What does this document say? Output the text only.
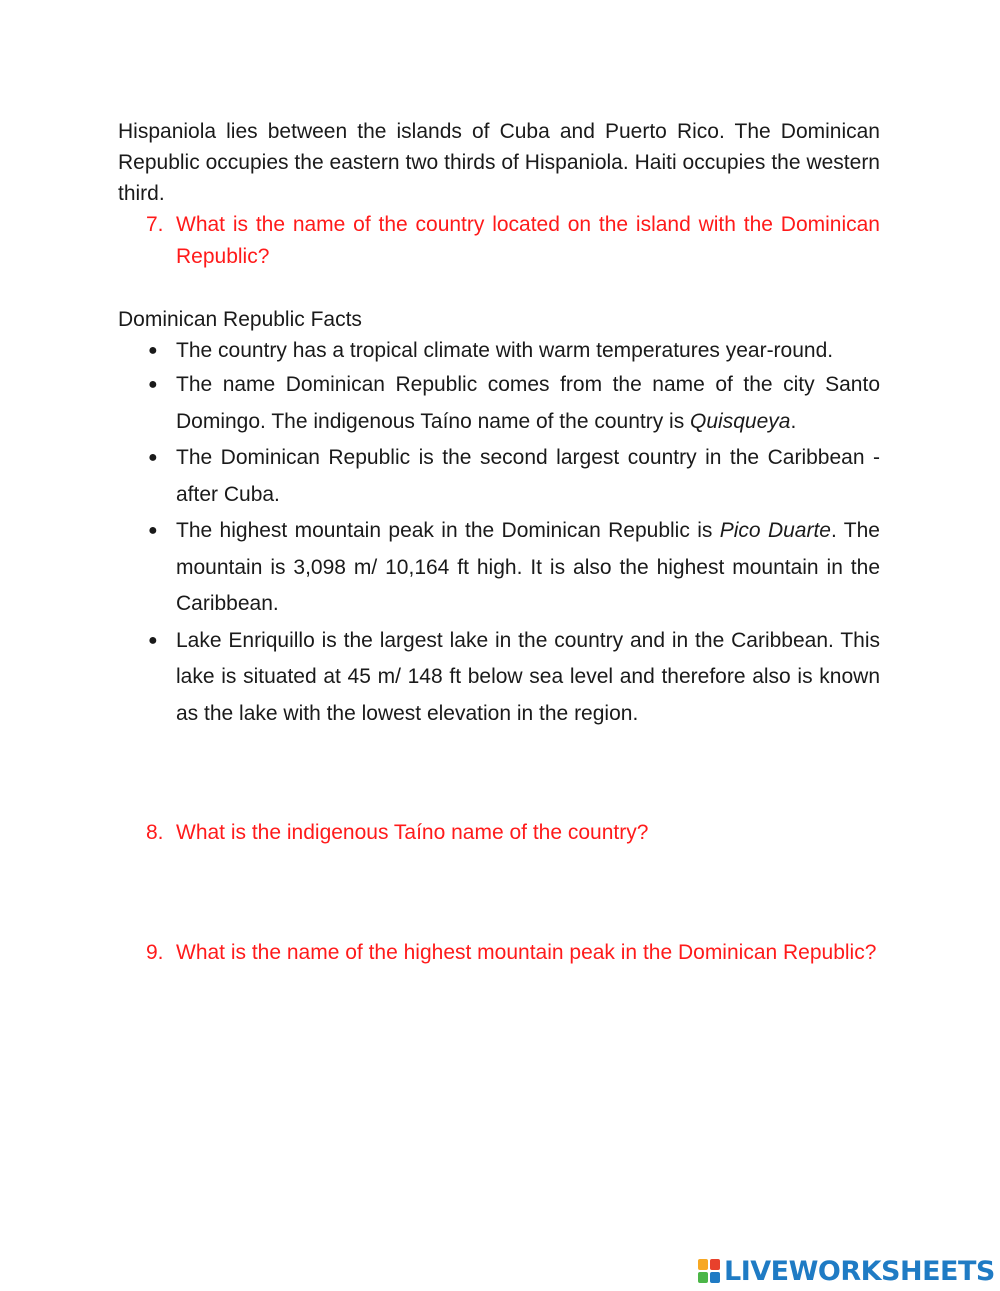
Hispaniola lies between the islands of Cuba and Puerto Rico. The Dominican Republic occupies the eastern two thirds of Hispaniola. Haiti occupies the western third.

7. What is the name of the country located on the island with the Dominican Republic?

Dominican Republic Facts

● The country has a tropical climate with warm temperatures year-round.
● The name Dominican Republic comes from the name of the city Santo Domingo. The indigenous Taíno name of the country is Quisqueya.
● The Dominican Republic is the second largest country in the Caribbean - after Cuba.
● The highest mountain peak in the Dominican Republic is Pico Duarte. The mountain is 3,098 m/ 10,164 ft high. It is also the highest mountain in the Caribbean.
● Lake Enriquillo is the largest lake in the country and in the Caribbean. This lake is situated at 45 m/ 148 ft below sea level and therefore also is known as the lake with the lowest elevation in the region.
8. What is the indigenous Taíno name of the country?
9. What is the name of the highest mountain peak in the Dominican Republic?
LIVEWORKSHEETS
